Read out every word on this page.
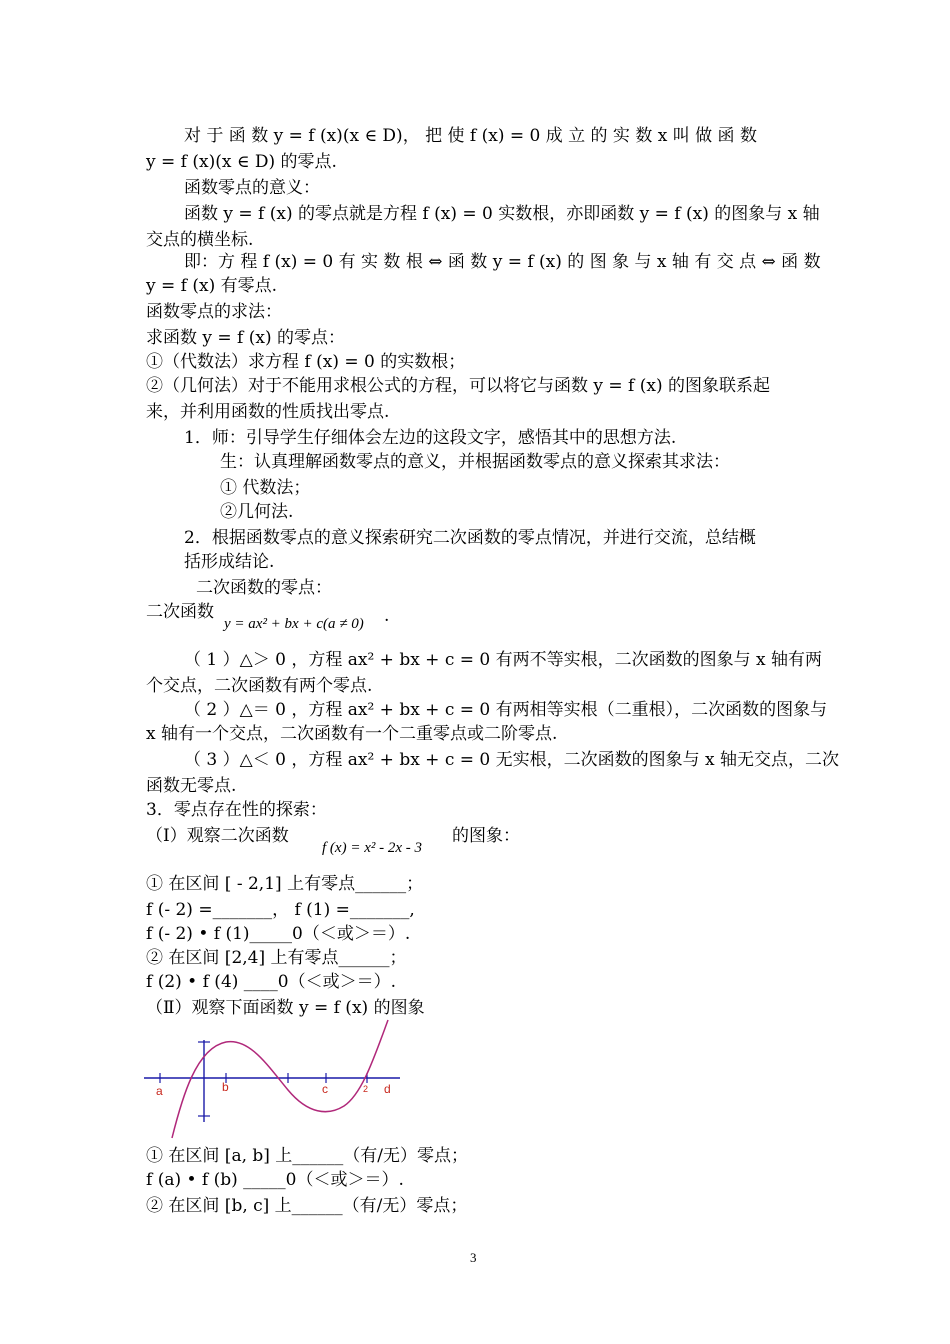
对 于 函 数 y = f (x)(x ∈ D)， 把 使 f (x) = 0 成 立 的 实 数 x 叫 做 函 数
y = f (x)(x ∈ D) 的零点.
函数零点的意义：
函数 y = f (x) 的零点就是方程 f (x) = 0 实数根，亦即函数 y = f (x) 的图象与 x 轴
交点的横坐标.
即：方 程 f (x) = 0 有 实 数 根 ⇔ 函 数 y = f (x) 的 图 象 与 x 轴 有 交 点 ⇔ 函 数
y = f (x) 有零点.
函数零点的求法：
求函数 y = f (x) 的零点：
①（代数法）求方程 f (x) = 0 的实数根；
②（几何法）对于不能用求根公式的方程，可以将它与函数 y = f (x) 的图象联系起
来，并利用函数的性质找出零点.
1．师：引导学生仔细体会左边的这段文字，感悟其中的思想方法.
生：认真理解函数零点的意义，并根据函数零点的意义探索其求法：
① 代数法；
②几何法.
2．根据函数零点的意义探索研究二次函数的零点情况，并进行交流，总结概
括形成结论.
二次函数的零点：
二次函数
y = ax² + bx + c(a ≠ 0) .
（ 1 ）△＞ 0 ，方程 ax² + bx + c = 0 有两不等实根，二次函数的图象与 x 轴有两
个交点，二次函数有两个零点.
（ 2 ）△＝ 0 ，方程 ax² + bx + c = 0 有两相等实根（二重根），二次函数的图象与
x 轴有一个交点，二次函数有一个二重零点或二阶零点.
（ 3 ）△＜ 0 ，方程 ax² + bx + c = 0 无实根，二次函数的图象与 x 轴无交点，二次
函数无零点.
3．零点存在性的探索：
（Ⅰ）观察二次函数
f (x) = x² - 2x - 3
的图象：
① 在区间 [ - 2,1] 上有零点______；
f (- 2) =_______， f (1) =_______,
f (- 2) • f (1)_____0（＜或＞＝）.
② 在区间 [2,4] 上有零点______；
f (2) • f (4) ____0（＜或＞＝）.
（Ⅱ）观察下面函数 y = f (x) 的图象
a	b	c	2 d
① 在区间 [a, b] 上______（有/无）零点；
f (a) • f (b) _____0（＜或＞＝）.
② 在区间 [b, c] 上______（有/无）零点；
3
